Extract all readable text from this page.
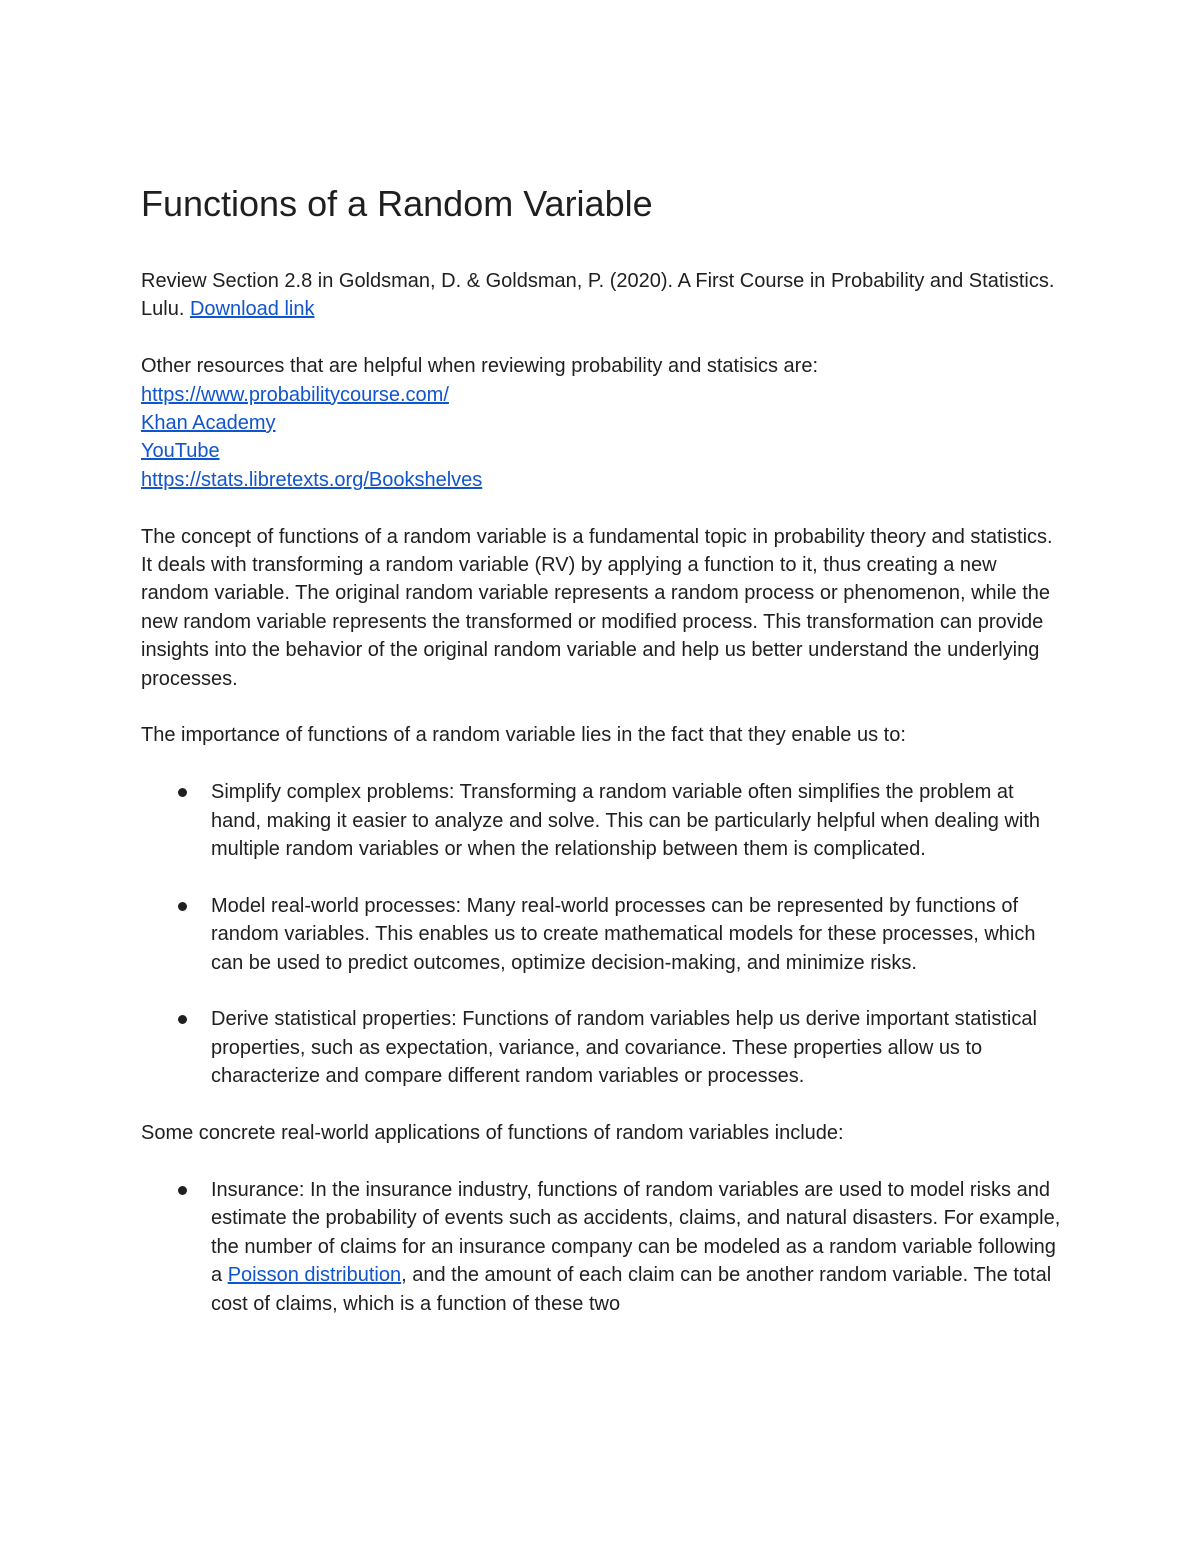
Functions of a Random Variable

Review Section 2.8 in Goldsman, D. & Goldsman, P. (2020). A First Course in Probability and Statistics. Lulu. Download link

Other resources that are helpful when reviewing probability and statisics are:

https://www.probabilitycourse.com/

Khan Academy

YouTube

https://stats.libretexts.org/Bookshelves

The concept of functions of a random variable is a fundamental topic in probability theory and statistics. It deals with transforming a random variable (RV) by applying a function to it, thus creating a new random variable. The original random variable represents a random process or phenomenon, while the new random variable represents the transformed or modified process. This transformation can provide insights into the behavior of the original random variable and help us better understand the underlying processes.

The importance of functions of a random variable lies in the fact that they enable us to:

Simplify complex problems: Transforming a random variable often simplifies the problem at hand, making it easier to analyze and solve. This can be particularly helpful when dealing with multiple random variables or when the relationship between them is complicated.
Model real-world processes: Many real-world processes can be represented by functions of random variables. This enables us to create mathematical models for these processes, which can be used to predict outcomes, optimize decision-making, and minimize risks.
Derive statistical properties: Functions of random variables help us derive important statistical properties, such as expectation, variance, and covariance. These properties allow us to characterize and compare different random variables or processes.

Some concrete real-world applications of functions of random variables include:

Insurance: In the insurance industry, functions of random variables are used to model risks and estimate the probability of events such as accidents, claims, and natural disasters. For example, the number of claims for an insurance company can be modeled as a random variable following a Poisson distribution, and the amount of each claim can be another random variable. The total cost of claims, which is a function of these two
